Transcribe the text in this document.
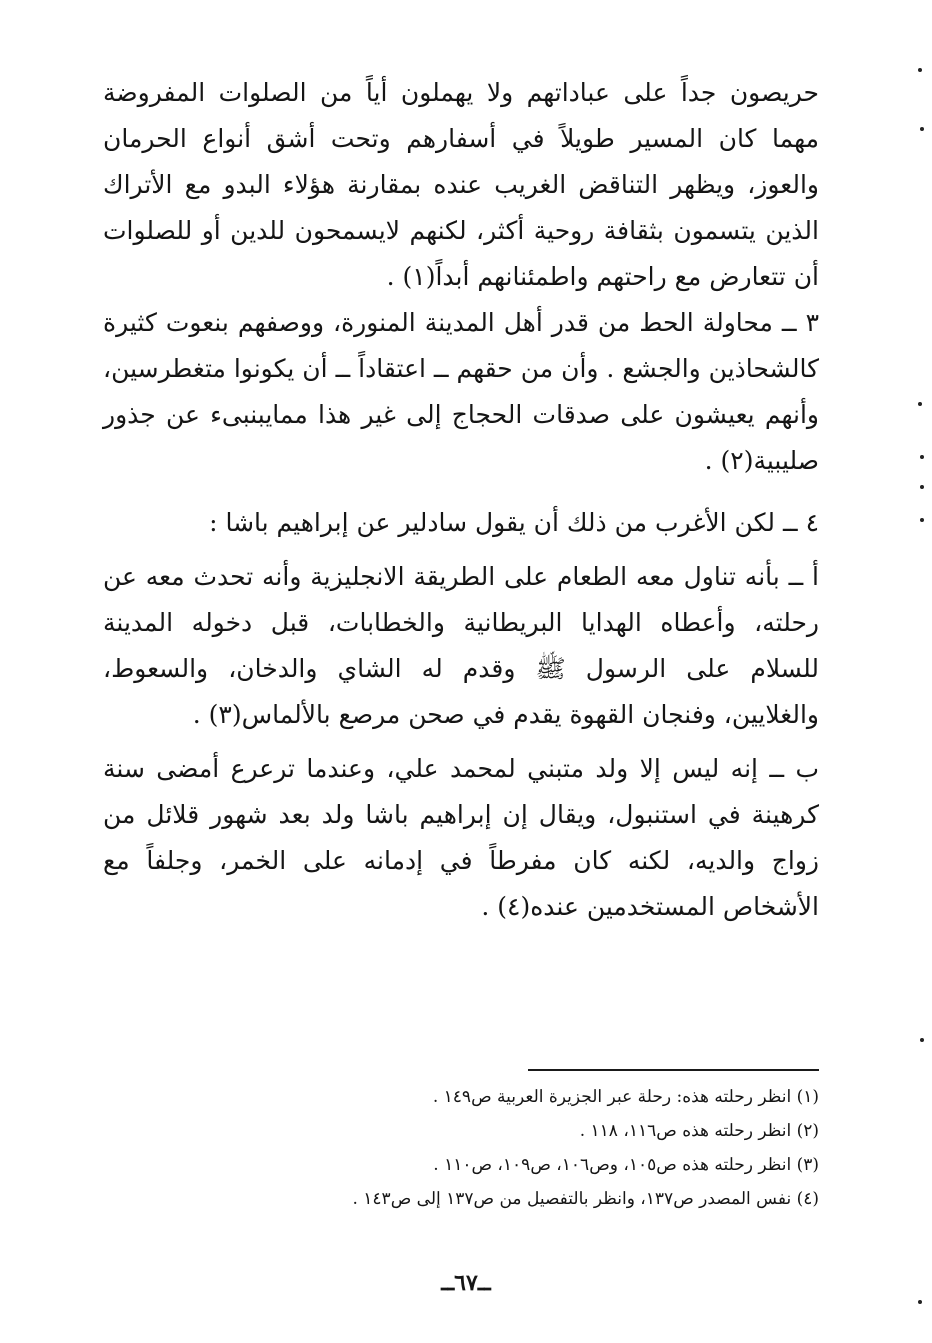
حريصون جداً على عباداتهم ولا يهملون أياً من الصلوات المفروضة مهما كان المسير طويلاً في أسفارهم وتحت أشق أنواع الحرمان والعوز، ويظهر التناقض الغريب عنده بمقارنة هؤلاء البدو مع الأتراك الذين يتسمون بثقافة روحية أكثر، لكنهم لايسمحون للدين أو للصلوات أن تتعارض مع راحتهم واطمئنانهم أبداً(١) .

٣ ــ محاولة الحط من قدر أهل المدينة المنورة، ووصفهم بنعوت كثيرة كالشحاذين والجشع . وأن من حقهم ــ اعتقاداً ــ أن يكونوا متغطرسين، وأنهم يعيشون على صدقات الحجاج إلى غير هذا ممايبنبىء عن جذور صليبية(٢) .

٤ ــ لكن الأغرب من ذلك أن يقول سادلير عن إبراهيم باشا :

أ ــ بأنه تناول معه الطعام على الطريقة الانجليزية وأنه تحدث معه عن رحلته، وأعطاه الهدايا البريطانية والخطابات، قبل دخوله المدينة للسلام على الرسول ﷺ وقدم له الشاي والدخان، والسعوط، والغلايين، وفنجان القهوة يقدم في صحن مرصع بالألماس(٣) .

ب ــ إنه ليس إلا ولد متبني لمحمد علي، وعندما ترعرع أمضى سنة كرهينة في استنبول، ويقال إن إبراهيم باشا ولد بعد شهور قلائل من زواج والديه، لكنه كان مفرطاً في إدمانه على الخمر، وجلفاً مع الأشخاص المستخدمين عنده(٤) .

(١) انظر رحلته هذه: رحلة عبر الجزيرة العربية ص١٤٩ .

(٢) انظر رحلته هذه ص١١٦، ١١٨ .

(٣) انظر رحلته هذه ص١٠٥، وص١٠٦، ص١٠٩، ص١١٠ .

(٤) نفس المصدر ص١٣٧، وانظر بالتفصيل من ص١٣٧ إلى ص١٤٣ .

ــ٦٧ــ
